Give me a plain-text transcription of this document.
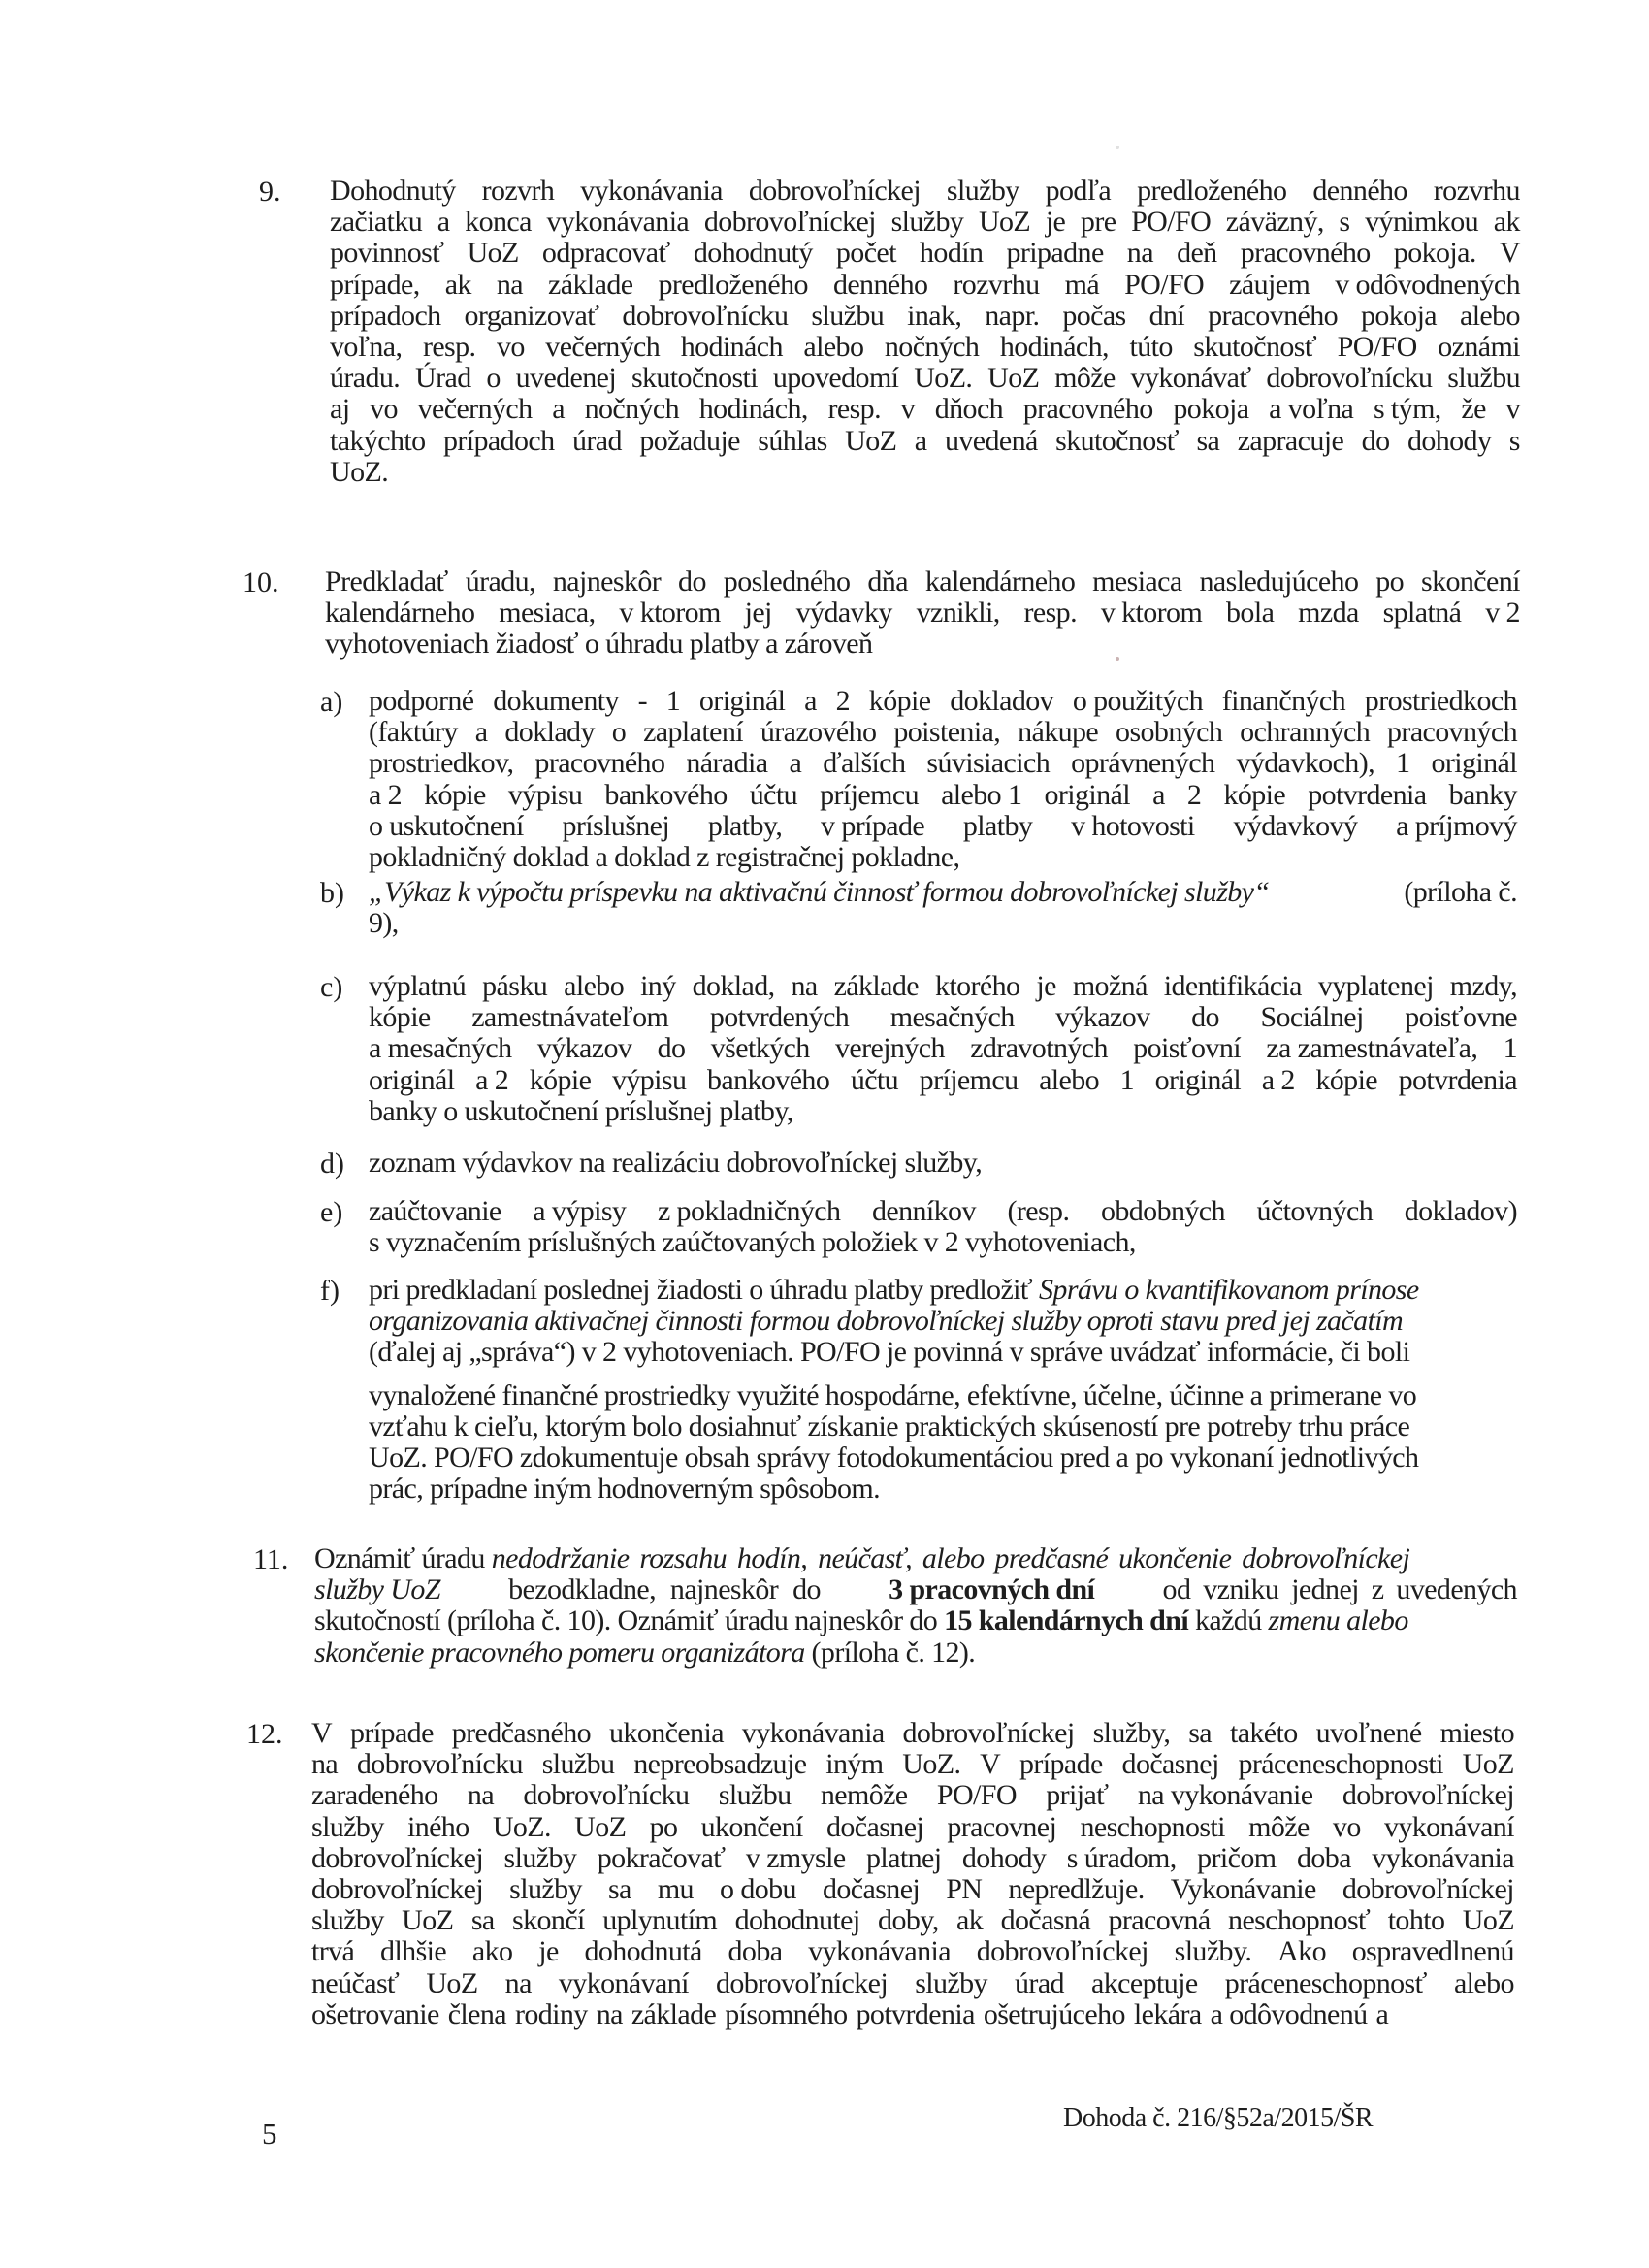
9.	Dohodnutý rozvrh vykonávania dobrovoľníckej služby podľa predloženého denného rozvrhu
začiatku a konca vykonávania dobrovoľníckej služby UoZ je pre PO/FO záväzný, s výnimkou ak
povinnosť UoZ odpracovať dohodnutý počet hodín pripadne na deň pracovného pokoja. V
prípade, ak na základe predloženého denného rozvrhu má PO/FO záujem v odôvodnených
prípadoch organizovať dobrovoľnícku službu inak, napr. počas dní pracovného pokoja alebo
voľna, resp. vo večerných hodinách alebo nočných hodinách, túto skutočnosť PO/FO oznámi
úradu. Úrad o uvedenej skutočnosti upovedomí UoZ. UoZ môže vykonávať dobrovoľnícku službu
aj vo večerných a nočných hodinách, resp. v dňoch pracovného pokoja a voľna s tým, že v
takýchto prípadoch úrad požaduje súhlas UoZ a uvedená skutočnosť sa zapracuje do dohody s
UoZ.
10.	Predkladať úradu, najneskôr do posledného dňa kalendárneho mesiaca nasledujúceho po skončení
kalendárneho mesiaca, v ktorom jej výdavky vznikli, resp. v ktorom bola mzda splatná v 2
vyhotoveniach žiadosť o úhradu platby a zároveň
a) podporné dokumenty - 1 originál a 2 kópie dokladov o použitých finančných prostriedkoch
(faktúry a doklady o zaplatení úrazového poistenia, nákupe osobných ochranných pracovných
prostriedkov, pracovného náradia a ďalších súvisiacich oprávnených výdavkoch), 1 originál
a 2 kópie výpisu bankového účtu príjemcu alebo 1 originál a 2 kópie potvrdenia banky
o uskutočnení príslušnej platby, v prípade platby v hotovosti výdavkový a príjmový
pokladničný doklad a doklad z registračnej pokladne,
b) „Výkaz k výpočtu príspevku na aktivačnú činnosť formou dobrovoľníckej služby“	(príloha č.
9),
c) výplatnú pásku alebo iný doklad, na základe ktorého je možná identifikácia vyplatenej mzdy,
kópie zamestnávateľom potvrdených mesačných výkazov do Sociálnej poisťovne
a mesačných výkazov do všetkých verejných zdravotných poisťovní za zamestnávateľa, 1
originál a 2 kópie výpisu bankového účtu príjemcu alebo 1 originál a 2 kópie potvrdenia
banky o uskutočnení príslušnej platby,
d) zoznam výdavkov na realizáciu dobrovoľníckej služby,
e) zaúčtovanie a výpisy z pokladničných denníkov (resp. obdobných účtovných dokladov)
s vyznačením príslušných zaúčtovaných položiek v 2 vyhotoveniach,
f) pri predkladaní poslednej žiadosti o úhradu platby predložiť Správu o kvantifikovanom prínose
organizovania aktivačnej činnosti formou dobrovoľníckej služby oproti stavu pred jej začatím
(ďalej aj „správa“) v 2 vyhotoveniach. PO/FO je povinná v správe uvádzať informácie, či boli
vynaložené finančné prostriedky využité hospodárne, efektívne, účelne, účinne a primerane vo
vzťahu k cieľu, ktorým bolo dosiahnuť získanie praktických skúseností pre potreby trhu práce
UoZ. PO/FO zdokumentuje obsah správy fotodokumentáciou pred a po vykonaní jednotlivých
prác, prípadne iným hodnoverným spôsobom.
11. Oznámiť úradu nedodržanie rozsahu hodín, neúčasť, alebo predčasné ukončenie dobrovoľníckej
služby UoZ bezodkladne, najneskôr do 3 pracovných dní od vzniku jednej z uvedených
skutočností (príloha č. 10). Oznámiť úradu najneskôr do 15 kalendárnych dní každú zmenu alebo
skončenie pracovného pomeru organizátora (príloha č. 12).
12. V prípade predčasného ukončenia vykonávania dobrovoľníckej služby, sa takéto uvoľnené miesto
na dobrovoľnícku službu nepreobsadzuje iným UoZ. V prípade dočasnej práceneschopnosti UoZ
zaradeného na dobrovoľnícku službu nemôže PO/FO prijať na vykonávanie dobrovoľníckej
služby iného UoZ. UoZ po ukončení dočasnej pracovnej neschopnosti môže vo vykonávaní
dobrovoľníckej služby pokračovať v zmysle platnej dohody s úradom, pričom doba vykonávania
dobrovoľníckej služby sa mu o dobu dočasnej PN nepredlžuje. Vykonávanie dobrovoľníckej
služby UoZ sa skončí uplynutím dohodnutej doby, ak dočasná pracovná neschopnosť tohto UoZ
trvá dlhšie ako je dohodnutá doba vykonávania dobrovoľníckej služby. Ako ospravedlnenú
neúčasť UoZ na vykonávaní dobrovoľníckej služby úrad akceptuje práceneschopnosť alebo
ošetrovanie člena rodiny na základe písomného potvrdenia ošetrujúceho lekára a odôvodnenú a
5	Dohoda č. 216/§52a/2015/ŠR
